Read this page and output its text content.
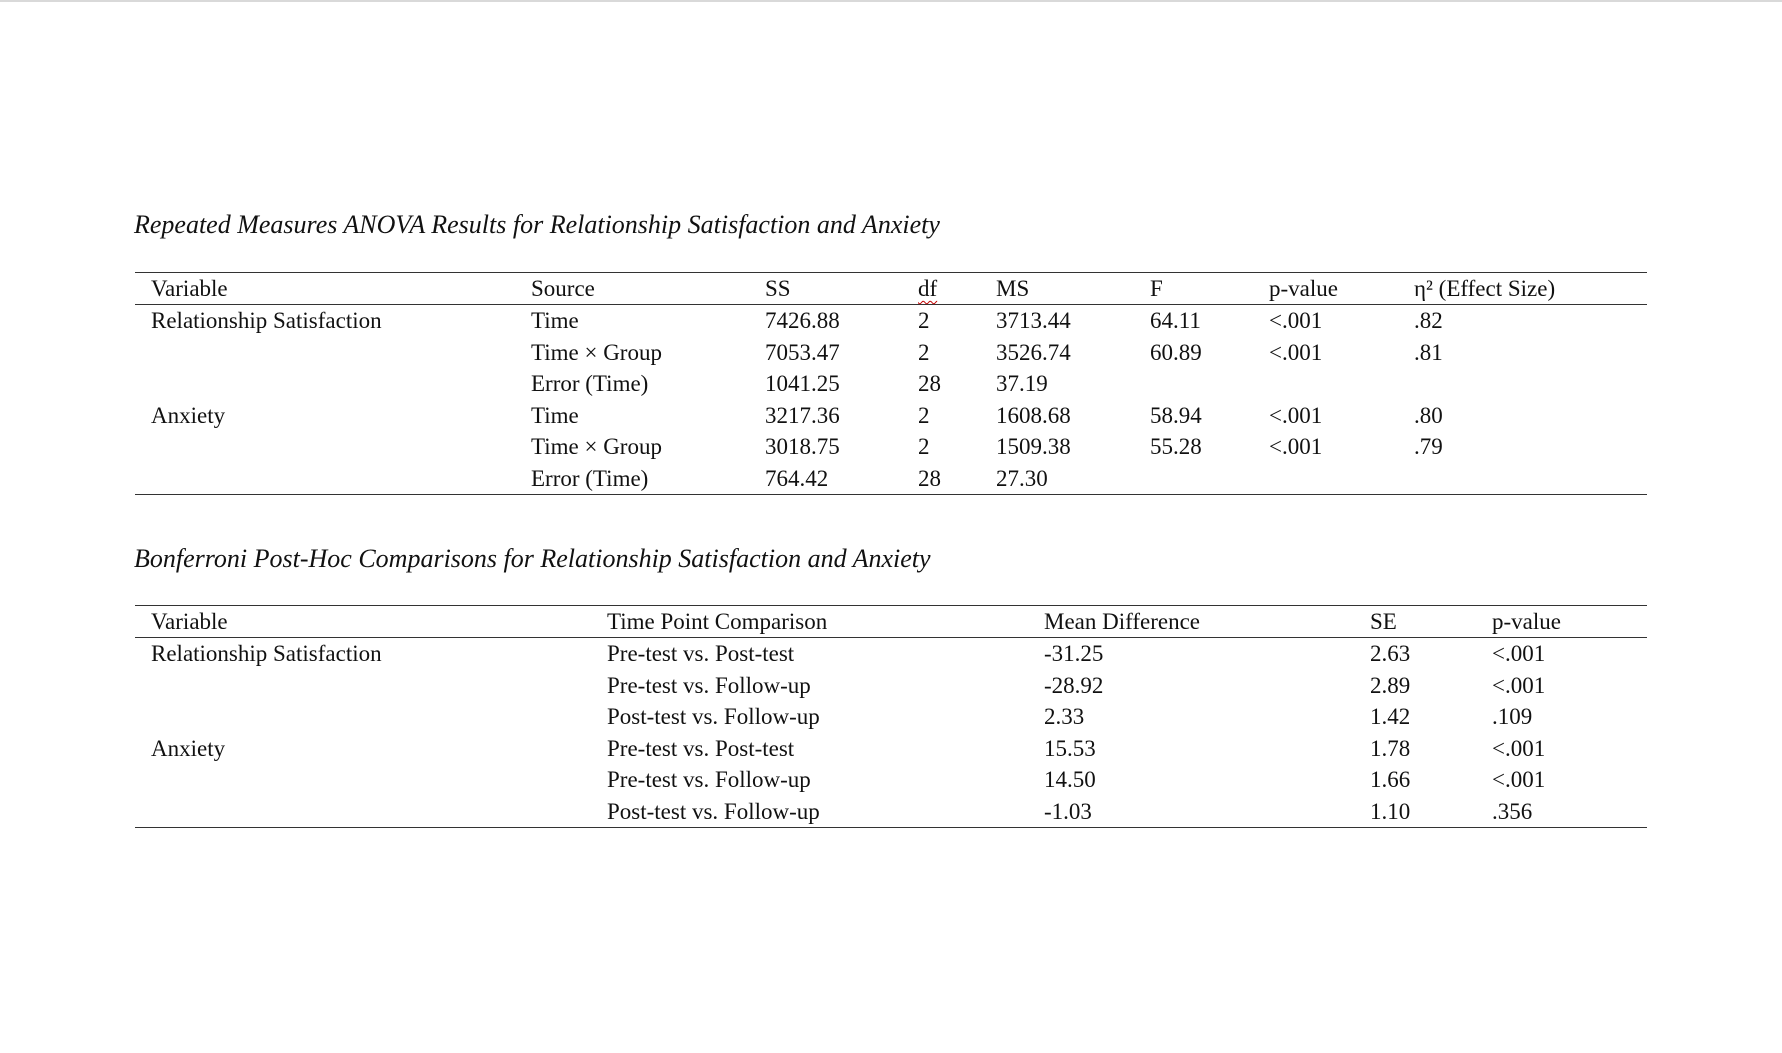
Repeated Measures ANOVA Results for Relationship Satisfaction and Anxiety
Variable	Source	SS	df	MS	F	p-value	η² (Effect Size)
Relationship Satisfaction	Time	7426.88	2	3713.44	64.11	<.001	.82
	Time × Group	7053.47	2	3526.74	60.89	<.001	.81
	Error (Time)	1041.25	28	37.19			
Anxiety	Time	3217.36	2	1608.68	58.94	<.001	.80
	Time × Group	3018.75	2	1509.38	55.28	<.001	.79
	Error (Time)	764.42	28	27.30			
Bonferroni Post-Hoc Comparisons for Relationship Satisfaction and Anxiety
Variable	Time Point Comparison	Mean Difference	SE	p-value
Relationship Satisfaction	Pre-test vs. Post-test	-31.25	2.63	<.001
	Pre-test vs. Follow-up	-28.92	2.89	<.001
	Post-test vs. Follow-up	2.33	1.42	.109
Anxiety	Pre-test vs. Post-test	15.53	1.78	<.001
	Pre-test vs. Follow-up	14.50	1.66	<.001
	Post-test vs. Follow-up	-1.03	1.10	.356
